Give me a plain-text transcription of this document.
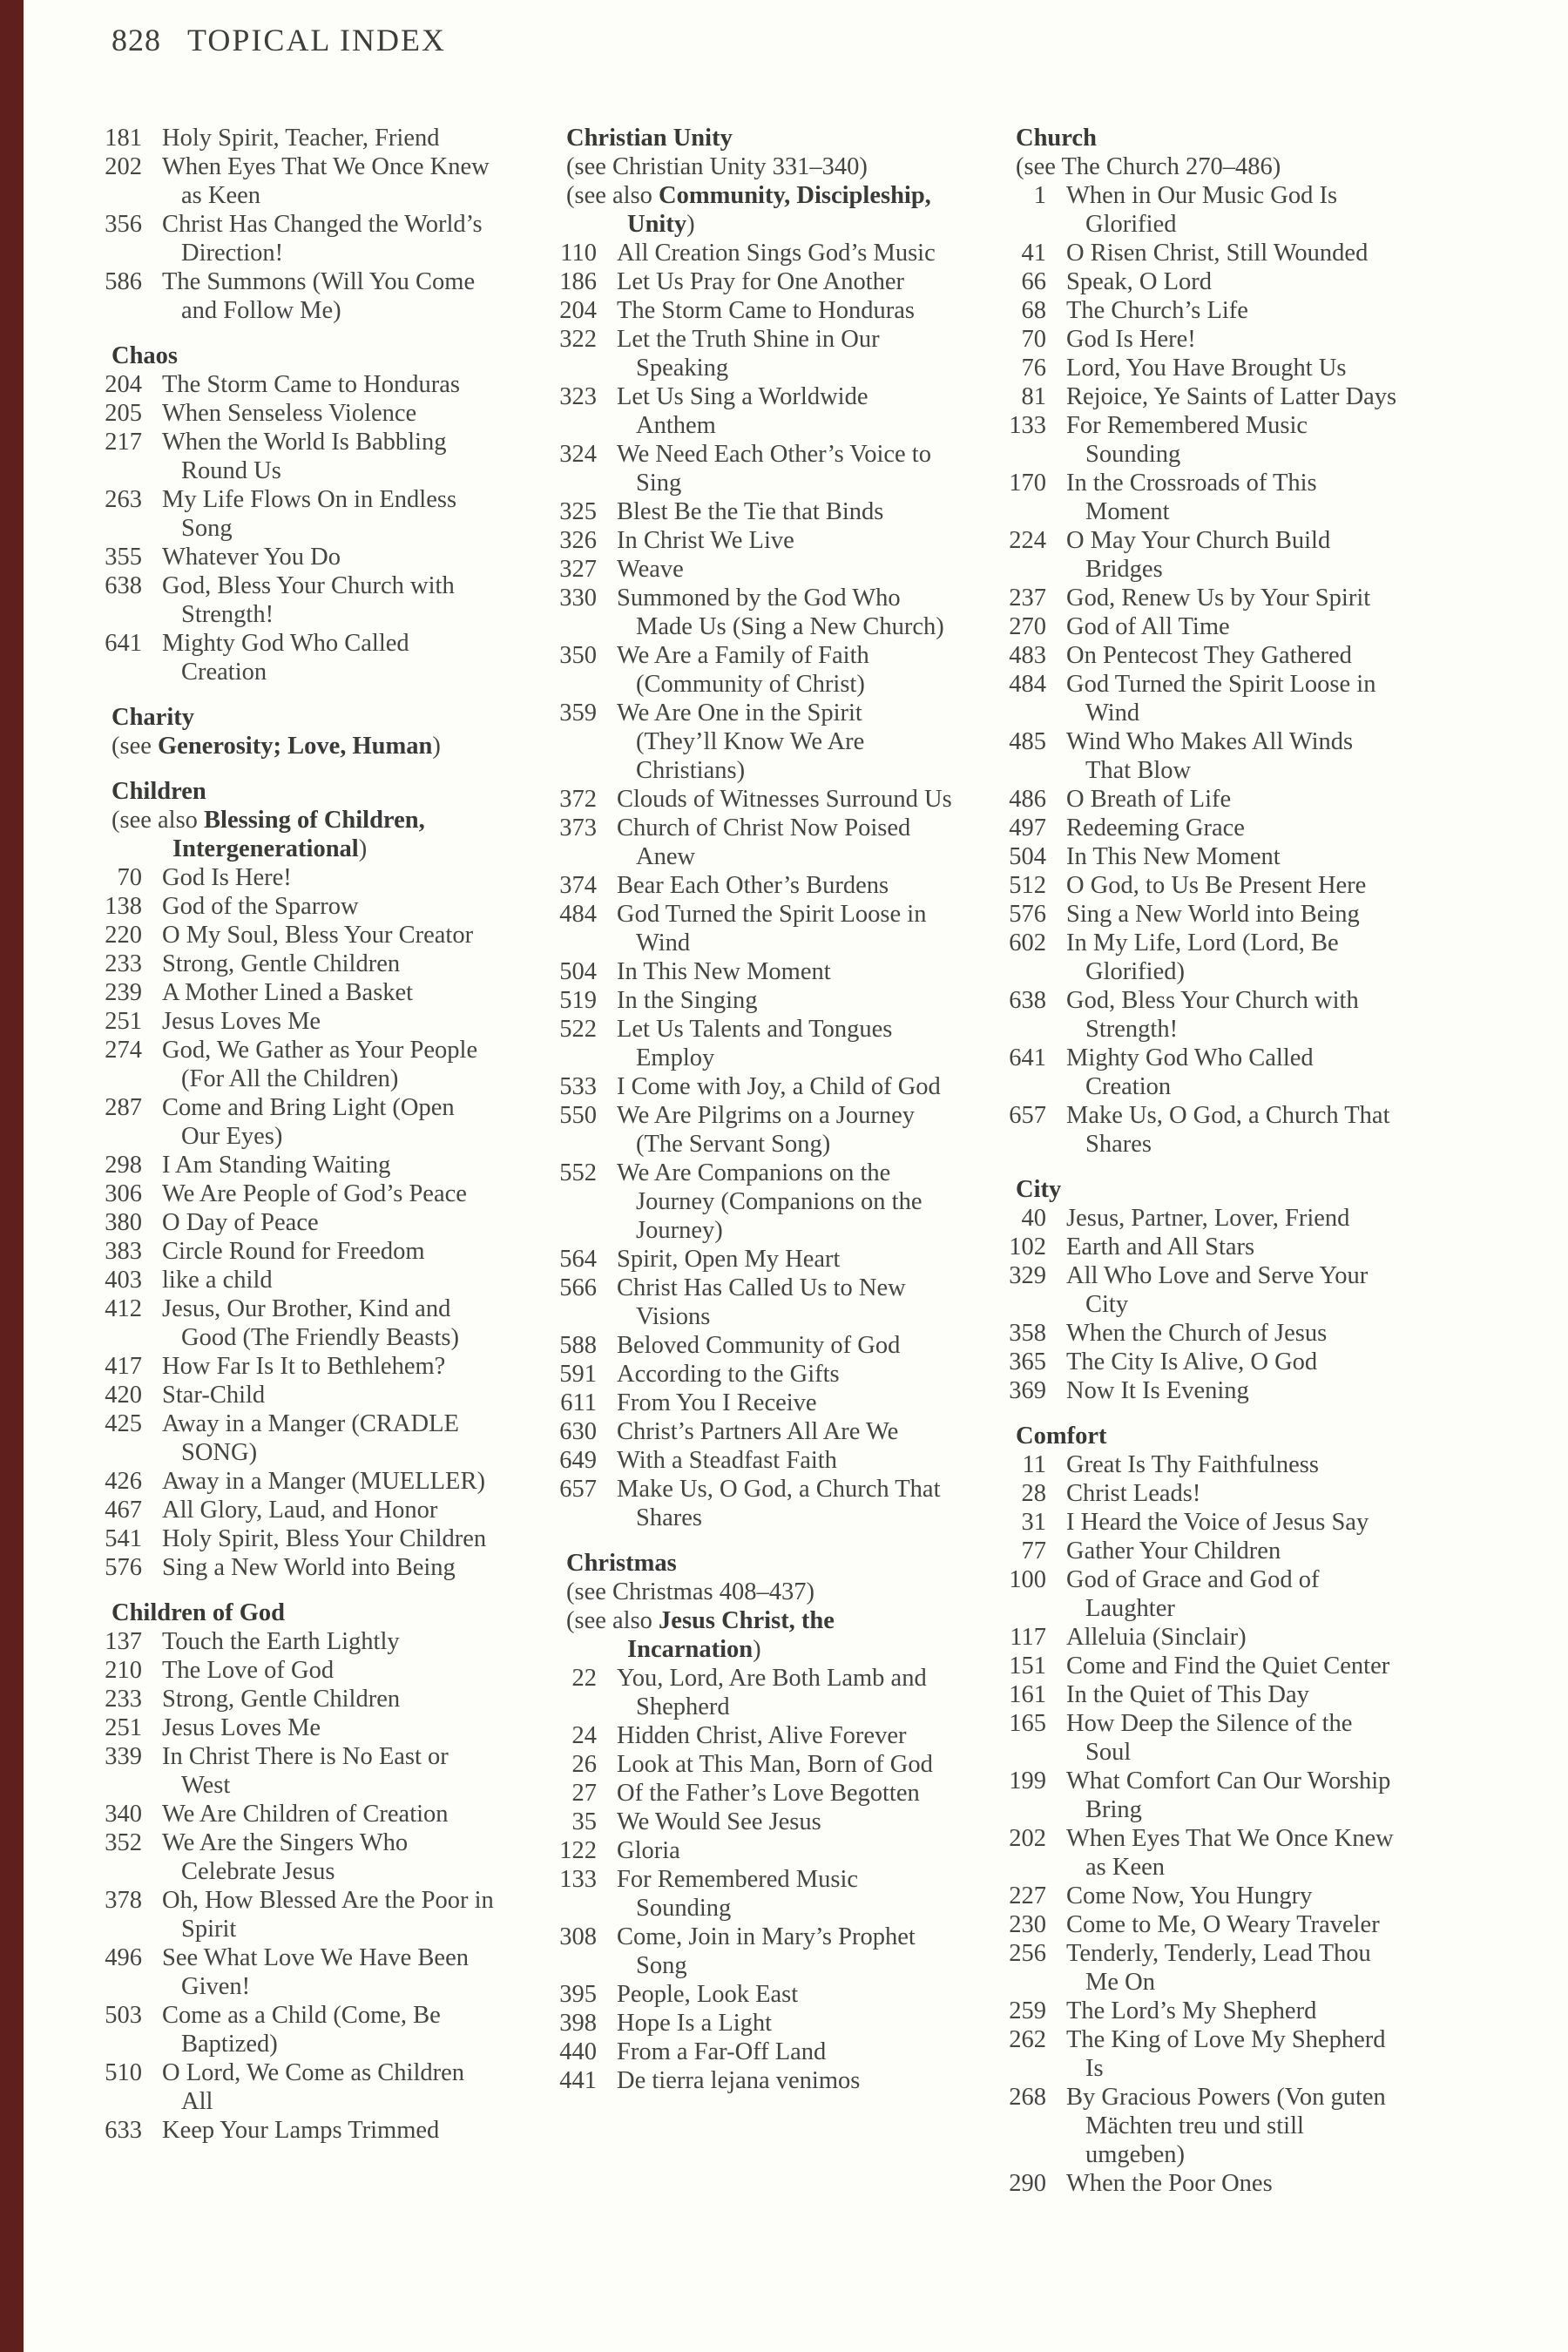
828 TOPICAL INDEX
181 Holy Spirit, Teacher, Friend
202 When Eyes That We Once Knew
as Keen
356 Christ Has Changed the World’s
Direction!
586 The Summons (Will You Come
and Follow Me)
Chaos
204 The Storm Came to Honduras
205 When Senseless Violence
217 When the World Is Babbling
Round Us
263 My Life Flows On in Endless
Song
355 Whatever You Do
638 God, Bless Your Church with
Strength!
641 Mighty God Who Called
Creation
Charity
(see Generosity; Love, Human)
Children
(see also Blessing of Children,
Intergenerational)
70 God Is Here!
138 God of the Sparrow
220 O My Soul, Bless Your Creator
233 Strong, Gentle Children
239 A Mother Lined a Basket
251 Jesus Loves Me
274 God, We Gather as Your People
(For All the Children)
287 Come and Bring Light (Open
Our Eyes)
298 I Am Standing Waiting
306 We Are People of God’s Peace
380 O Day of Peace
383 Circle Round for Freedom
403 like a child
412 Jesus, Our Brother, Kind and
Good (The Friendly Beasts)
417 How Far Is It to Bethlehem?
420 Star-Child
425 Away in a Manger (CRADLE
SONG)
426 Away in a Manger (MUELLER)
467 All Glory, Laud, and Honor
541 Holy Spirit, Bless Your Children
576 Sing a New World into Being
Children of God
137 Touch the Earth Lightly
210 The Love of God
233 Strong, Gentle Children
251 Jesus Loves Me
339 In Christ There is No East or
West
340 We Are Children of Creation
352 We Are the Singers Who
Celebrate Jesus
378 Oh, How Blessed Are the Poor in
Spirit
496 See What Love We Have Been
Given!
503 Come as a Child (Come, Be
Baptized)
510 O Lord, We Come as Children
All
633 Keep Your Lamps Trimmed
Christian Unity
(see Christian Unity 331–340)
(see also Community, Discipleship,
Unity)
110 All Creation Sings God’s Music
186 Let Us Pray for One Another
204 The Storm Came to Honduras
322 Let the Truth Shine in Our
Speaking
323 Let Us Sing a Worldwide
Anthem
324 We Need Each Other’s Voice to
Sing
325 Blest Be the Tie that Binds
326 In Christ We Live
327 Weave
330 Summoned by the God Who
Made Us (Sing a New Church)
350 We Are a Family of Faith
(Community of Christ)
359 We Are One in the Spirit
(They’ll Know We Are
Christians)
372 Clouds of Witnesses Surround Us
373 Church of Christ Now Poised
Anew
374 Bear Each Other’s Burdens
484 God Turned the Spirit Loose in
Wind
504 In This New Moment
519 In the Singing
522 Let Us Talents and Tongues
Employ
533 I Come with Joy, a Child of God
550 We Are Pilgrims on a Journey
(The Servant Song)
552 We Are Companions on the
Journey (Companions on the
Journey)
564 Spirit, Open My Heart
566 Christ Has Called Us to New
Visions
588 Beloved Community of God
591 According to the Gifts
611 From You I Receive
630 Christ’s Partners All Are We
649 With a Steadfast Faith
657 Make Us, O God, a Church That
Shares
Christmas
(see Christmas 408–437)
(see also Jesus Christ, the
Incarnation)
22 You, Lord, Are Both Lamb and
Shepherd
24 Hidden Christ, Alive Forever
26 Look at This Man, Born of God
27 Of the Father’s Love Begotten
35 We Would See Jesus
122 Gloria
133 For Remembered Music
Sounding
308 Come, Join in Mary’s Prophet
Song
395 People, Look East
398 Hope Is a Light
440 From a Far-Off Land
441 De tierra lejana venimos
Church
(see The Church 270–486)
1 When in Our Music God Is
Glorified
41 O Risen Christ, Still Wounded
66 Speak, O Lord
68 The Church’s Life
70 God Is Here!
76 Lord, You Have Brought Us
81 Rejoice, Ye Saints of Latter Days
133 For Remembered Music
Sounding
170 In the Crossroads of This
Moment
224 O May Your Church Build
Bridges
237 God, Renew Us by Your Spirit
270 God of All Time
483 On Pentecost They Gathered
484 God Turned the Spirit Loose in
Wind
485 Wind Who Makes All Winds
That Blow
486 O Breath of Life
497 Redeeming Grace
504 In This New Moment
512 O God, to Us Be Present Here
576 Sing a New World into Being
602 In My Life, Lord (Lord, Be
Glorified)
638 God, Bless Your Church with
Strength!
641 Mighty God Who Called
Creation
657 Make Us, O God, a Church That
Shares
City
40 Jesus, Partner, Lover, Friend
102 Earth and All Stars
329 All Who Love and Serve Your
City
358 When the Church of Jesus
365 The City Is Alive, O God
369 Now It Is Evening
Comfort
11 Great Is Thy Faithfulness
28 Christ Leads!
31 I Heard the Voice of Jesus Say
77 Gather Your Children
100 God of Grace and God of
Laughter
117 Alleluia (Sinclair)
151 Come and Find the Quiet Center
161 In the Quiet of This Day
165 How Deep the Silence of the
Soul
199 What Comfort Can Our Worship
Bring
202 When Eyes That We Once Knew
as Keen
227 Come Now, You Hungry
230 Come to Me, O Weary Traveler
256 Tenderly, Tenderly, Lead Thou
Me On
259 The Lord’s My Shepherd
262 The King of Love My Shepherd
Is
268 By Gracious Powers (Von guten
Mächten treu und still
umgeben)
290 When the Poor Ones
